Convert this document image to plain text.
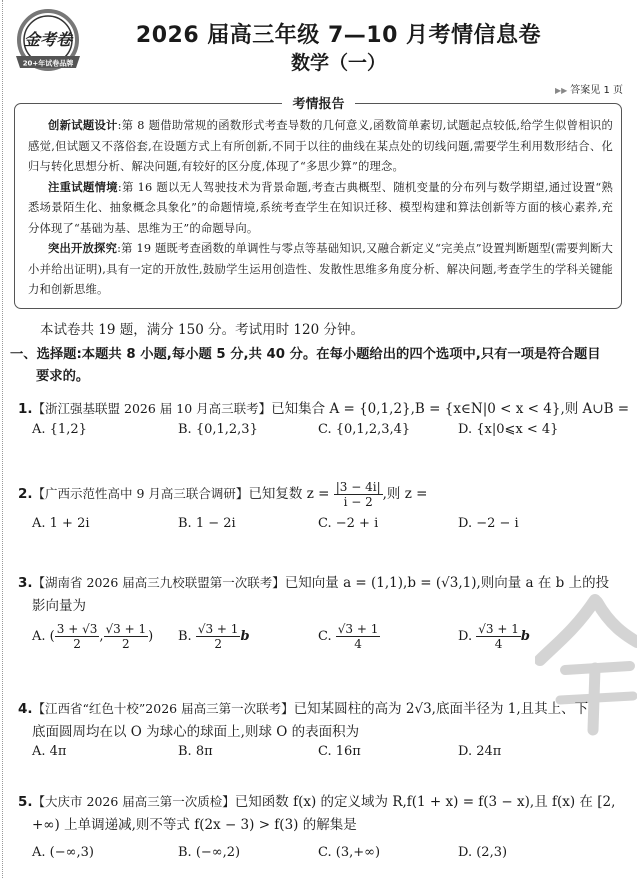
金考卷
20+年试卷品牌
2026 届高三年级 7—10 月考情信息卷
数学（一）
▶▶ 答案见 1 页
考情报告

创新试题设计:第 8 题借助常规的函数形式考查导数的几何意义,函数简单素切,试题起点较低,给学生似曾相识的感觉,但试题又不落俗套,在设题方式上有所创新,不同于以往的曲线在某点处的切线问题,需要学生利用数形结合、化归与转化思想分析、解决问题,有较好的区分度,体现了“多思少算”的理念。

注重试题情境:第 16 题以无人驾驶技术为背景命题,考查古典概型、随机变量的分布列与数学期望,通过设置“熟悉场景陌生化、抽象概念具象化”的命题情境,系统考查学生在知识迁移、模型构建和算法创新等方面的核心素养,充分体现了“基础为基、思维为王”的命题导向。

突出开放探究:第 19 题既考查函数的单调性与零点等基础知识,又融合新定义“完美点”设置判断题型(需要判断大小并给出证明),具有一定的开放性,鼓励学生运用创造性、发散性思维多角度分析、解决问题,考查学生的学科关键能力和创新思维。

本试卷共 19 题，满分 150 分。考试用时 120 分钟。
一、选择题:本题共 8 小题,每小题 5 分,共 40 分。在每小题给出的四个选项中,只有一项是符合题目
要求的。
1.【浙江强基联盟 2026 届 10 月高三联考】已知集合 A = {0,1,2},B = {x∈N|0 < x < 4},则 A∪B =
A. {1,2}	B. {0,1,2,3}	C. {0,1,2,3,4}	D. {x|0⩽x < 4}
2.【广西示范性高中 9 月高三联合调研】已知复数 $z = \frac{|3 - 4i|}{i - 2}$ ,则 z =
A. 1 + 2i	B. 1 − 2i	C. −2 + i	D. −2 − i
3.【湖南省 2026 届高三九校联盟第一次联考】已知向量 a = (1,1),b = (√3,1),则向量 a 在 b 上的投
影向量为
A. ( $\frac{3 + √3}{2}$ , $\frac{√3 + 1}{2}$ ) B. $\frac{√3 + 1}{2}$ b	C. $\frac{√3 + 1}{4}$	D. $\frac{√3 + 1}{4}$ b
4.【江西省“红色十校”2026 届高三第一次联考】已知某圆柱的高为 2√3,底面半径为 1,且其上、下
底面圆周均在以 O 为球心的球面上,则球 O 的表面积为
A. 4π	B. 8π	C. 16π	D. 24π
5.【大庆市 2026 届高三第一次质检】已知函数 f(x) 的定义域为 R,f(1 + x) = f(3 − x),且 f(x) 在 [2,
+∞) 上单调递减,则不等式 f(2x − 3) > f(3) 的解集是
A. (−∞,3)	B. (−∞,2)	C. (3,+∞)	D. (2,3)
